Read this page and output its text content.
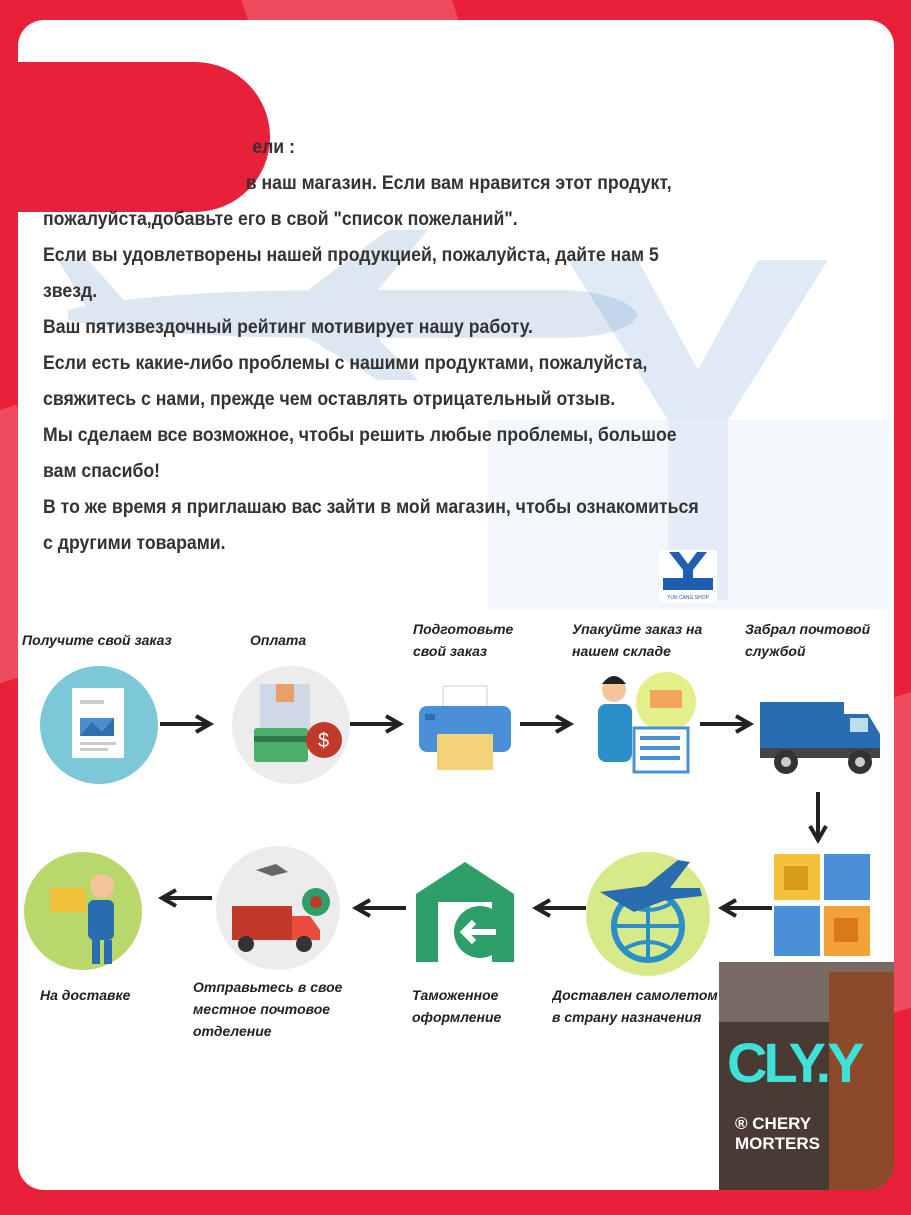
ели :

в наш магазин. Если вам нравится этот продукт,

пожалуйста,добавьте его в свой "список пожеланий".

Если вы удовлетворены нашей продукцией, пожалуйста, дайте нам 5

звезд.

Ваш пятизвездочный рейтинг мотивирует нашу работу.

Если есть какие-либо проблемы с нашими продуктами, пожалуйста,

свяжитесь с нами, прежде чем оставлять отрицательный отзыв.

Мы сделаем все возможное, чтобы решить любые проблемы, большое

вам спасибо!

В то же время я приглашаю вас зайти в мой магазин, чтобы ознакомиться

с другими товарами.

YUN CANG SHOP
Получите свой заказ	Оплата
Подготовьте
свой заказ
Упакуйте заказ на
нашем складе
Забрал почтовой
службой
$
На доставке	Отправьтесь в свое
местное почтовое
отделение
Таможенное
оформление
Доставлен самолетом
в страну назначения
CLY.Y
® CHERY
MORTERS
